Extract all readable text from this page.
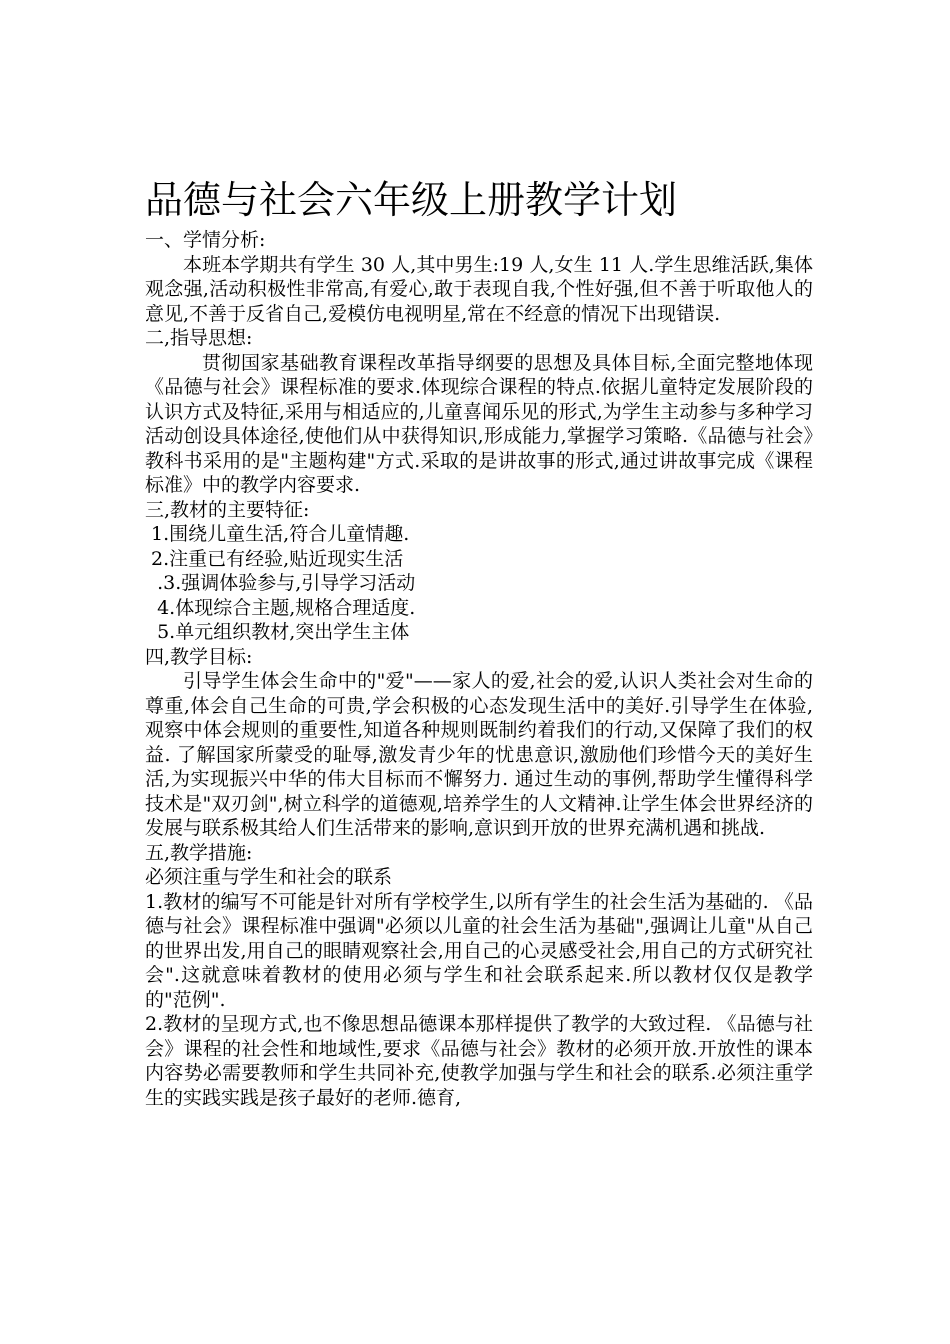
品德与社会六年级上册教学计划

一、学情分析:

本班本学期共有学生 30 人,其中男生:19 人,女生 11 人.学生思维活跃,集体观念强,活动积极性非常高,有爱心,敢于表现自我,个性好强,但不善于听取他人的意见,不善于反省自己,爱模仿电视明星,常在不经意的情况下出现错误.

二,指导思想:

贯彻国家基础教育课程改革指导纲要的思想及具体目标,全面完整地体现《品德与社会》课程标准的要求.体现综合课程的特点.依据儿童特定发展阶段的认识方式及特征,采用与相适应的,儿童喜闻乐见的形式,为学生主动参与多种学习活动创设具体途径,使他们从中获得知识,形成能力,掌握学习策略.《品德与社会》教科书采用的是"主题构建"方式.采取的是讲故事的形式,通过讲故事完成《课程标准》中的教学内容要求.

三,教材的主要特征:

1.围绕儿童生活,符合儿童情趣.

2.注重已有经验,贴近现实生活

.3.强调体验参与,引导学习活动

4.体现综合主题,规格合理适度.

5.单元组织教材,突出学生主体

四,教学目标:

引导学生体会生命中的"爱"——家人的爱,社会的爱,认识人类社会对生命的尊重,体会自己生命的可贵,学会积极的心态发现生活中的美好.引导学生在体验,观察中体会规则的重要性,知道各种规则既制约着我们的行动,又保障了我们的权益. 了解国家所蒙受的耻辱,激发青少年的忧患意识,激励他们珍惜今天的美好生活,为实现振兴中华的伟大目标而不懈努力. 通过生动的事例,帮助学生懂得科学技术是"双刃剑",树立科学的道德观,培养学生的人文精神.让学生体会世界经济的发展与联系极其给人们生活带来的影响,意识到开放的世界充满机遇和挑战.

五,教学措施:

必须注重与学生和社会的联系

1.教材的编写不可能是针对所有学校学生,以所有学生的社会生活为基础的. 《品德与社会》课程标准中强调"必须以儿童的社会生活为基础",强调让儿童"从自己的世界出发,用自己的眼睛观察社会,用自己的心灵感受社会,用自己的方式研究社会".这就意味着教材的使用必须与学生和社会联系起来.所以教材仅仅是教学的"范例".

2.教材的呈现方式,也不像思想品德课本那样提供了教学的大致过程. 《品德与社会》课程的社会性和地域性,要求《品德与社会》教材的必须开放.开放性的课本内容势必需要教师和学生共同补充,使教学加强与学生和社会的联系.必须注重学生的实践实践是孩子最好的老师.德育,
